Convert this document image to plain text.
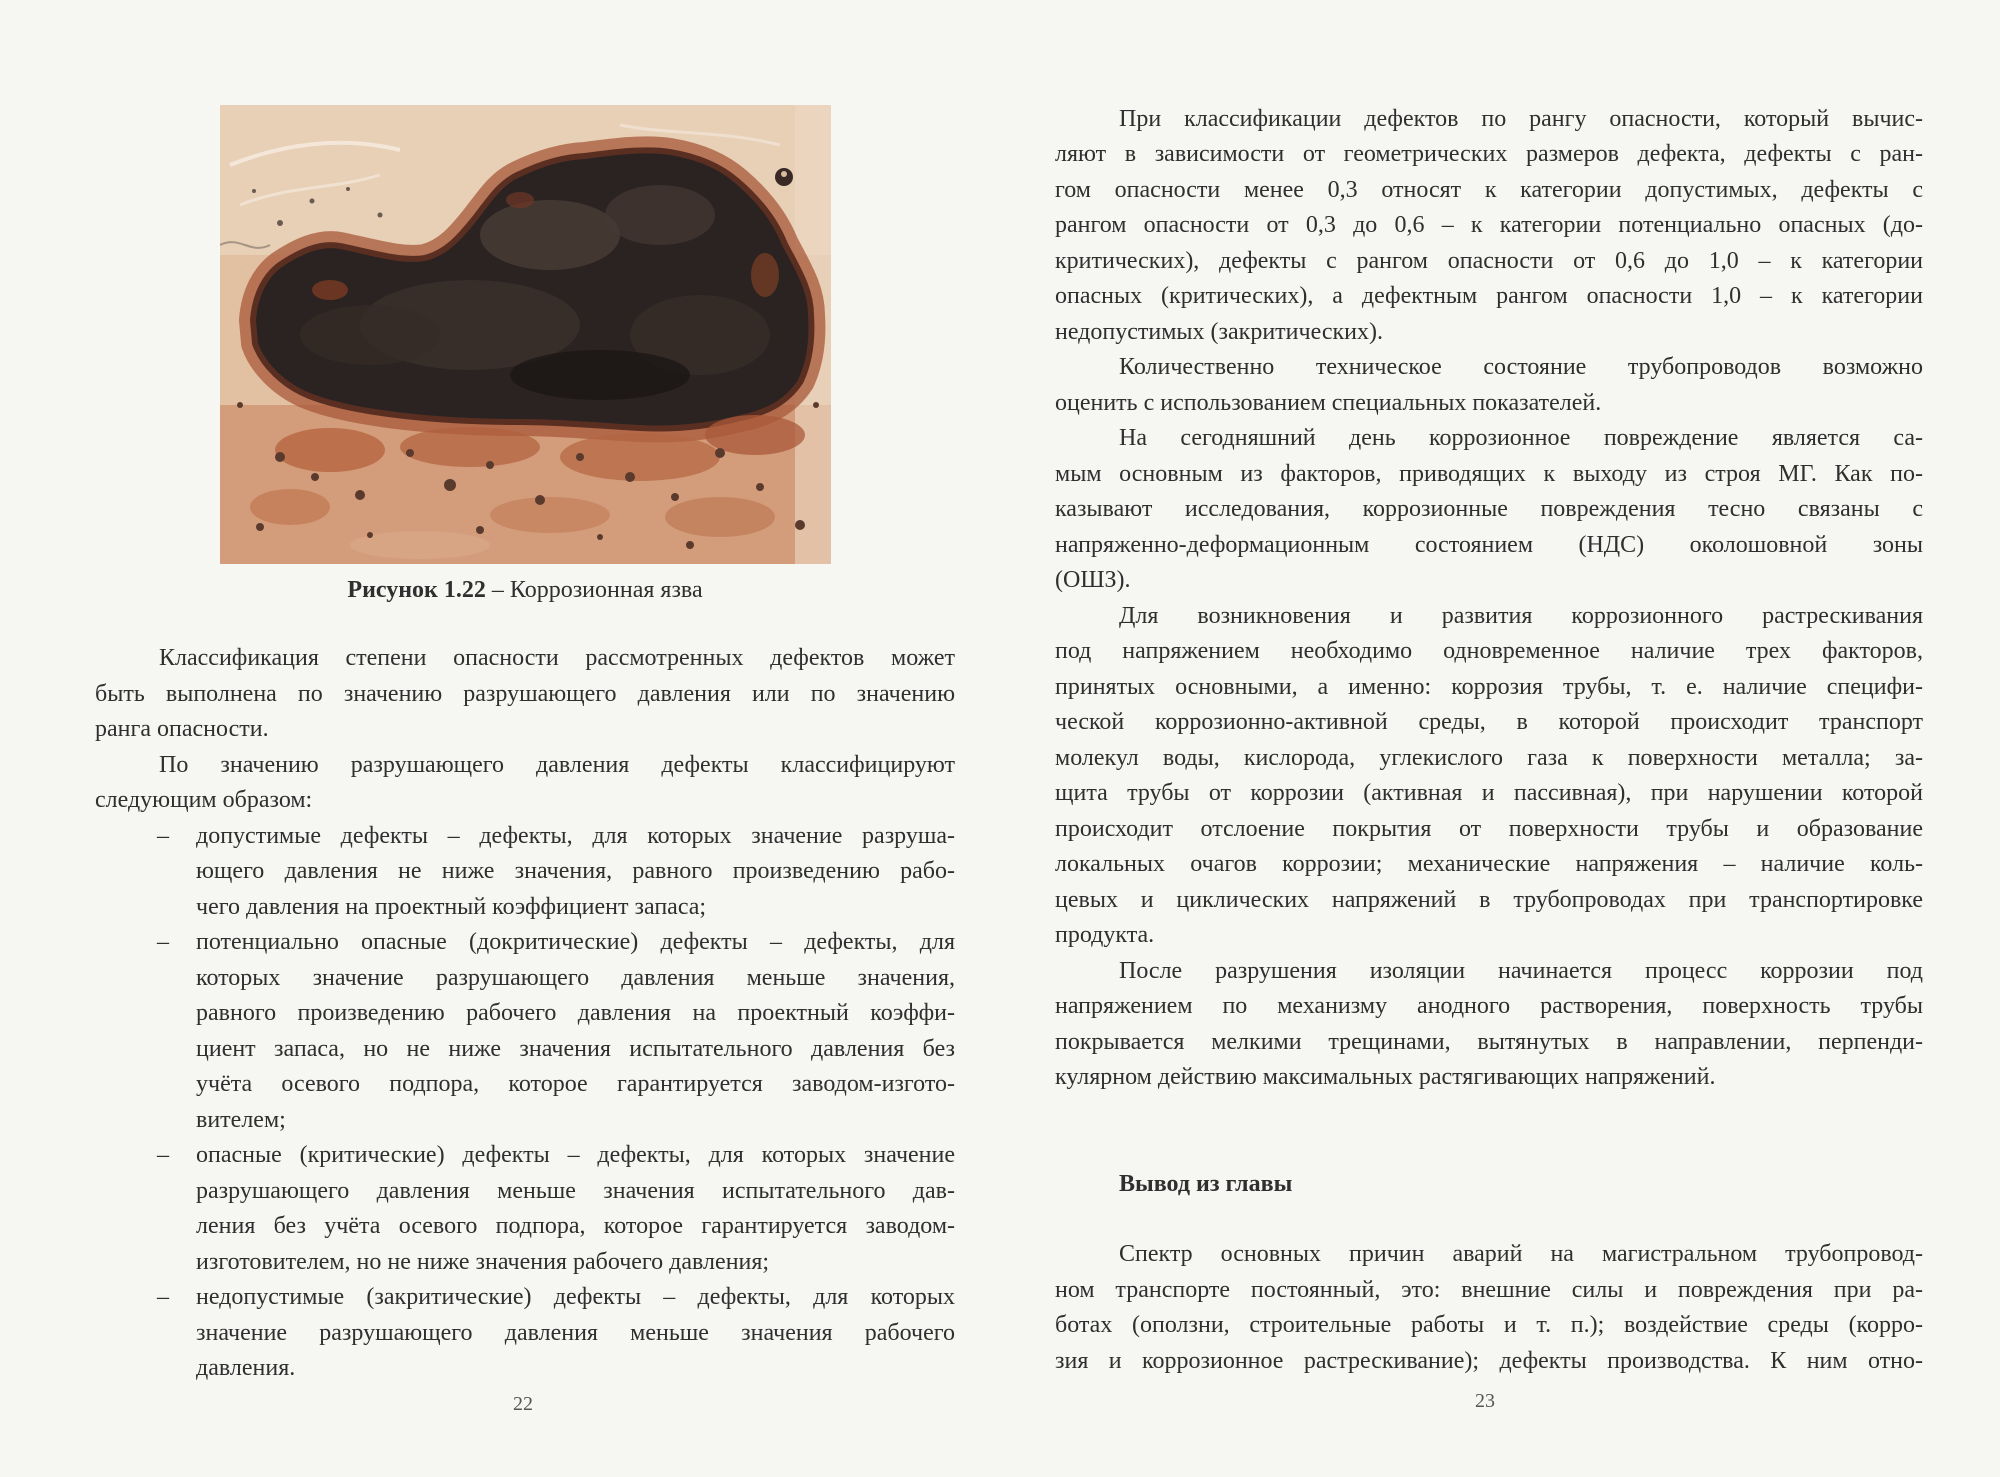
Рисунок 1.22 – Коррозионная язва
Классификация степени опасности рассмотренных дефектов может
быть выполнена по значению разрушающего давления или по значению
ранга опасности.
По значению разрушающего давления дефекты классифицируют
следующим образом:
– допустимые дефекты – дефекты, для которых значение разруша-
ющего давления не ниже значения, равного произведению рабо-
чего давления на проектный коэффициент запаса;
– потенциально опасные (докритические) дефекты – дефекты, для
которых значение разрушающего давления меньше значения,
равного произведению рабочего давления на проектный коэффи-
циент запаса, но не ниже значения испытательного давления без
учёта осевого подпора, которое гарантируется заводом-изгото-
вителем;
– опасные (критические) дефекты – дефекты, для которых значение
разрушающего давления меньше значения испытательного дав-
ления без учёта осевого подпора, которое гарантируется заводом-
изготовителем, но не ниже значения рабочего давления;
– недопустимые (закритические) дефекты – дефекты, для которых
значение разрушающего давления меньше значения рабочего
давления.
22
При классификации дефектов по рангу опасности, который вычис-
ляют в зависимости от геометрических размеров дефекта, дефекты с ран-
гом опасности менее 0,3 относят к категории допустимых, дефекты с
рангом опасности от 0,3 до 0,6 – к категории потенциально опасных (до-
критических), дефекты с рангом опасности от 0,6 до 1,0 – к категории
опасных (критических), а дефектным рангом опасности 1,0 – к категории
недопустимых (закритических).
Количественно техническое состояние трубопроводов возможно
оценить с использованием специальных показателей.
На сегодняшний день коррозионное повреждение является са-
мым основным из факторов, приводящих к выходу из строя МГ. Как по-
казывают исследования, коррозионные повреждения тесно связаны с
напряженно-деформационным состоянием (НДС) околошовной зоны
(ОШЗ).
Для возникновения и развития коррозионного растрескивания
под напряжением необходимо одновременное наличие трех факторов,
принятых основными, а именно: коррозия трубы, т. е. наличие специфи-
ческой коррозионно-активной среды, в которой происходит транспорт
молекул воды, кислорода, углекислого газа к поверхности металла; за-
щита трубы от коррозии (активная и пассивная), при нарушении которой
происходит отслоение покрытия от поверхности трубы и образование
локальных очагов коррозии; механические напряжения – наличие коль-
цевых и циклических напряжений в трубопроводах при транспортировке
продукта.
После разрушения изоляции начинается процесс коррозии под
напряжением по механизму анодного растворения, поверхность трубы
покрывается мелкими трещинами, вытянутых в направлении, перпенди-
кулярном действию максимальных растягивающих напряжений.
Вывод из главы
Спектр основных причин аварий на магистральном трубопровод-
ном транспорте постоянный, это: внешние силы и повреждения при ра-
ботах (оползни, строительные работы и т. п.); воздействие среды (корро-
зия и коррозионное растрескивание); дефекты производства. К ним отно-
23
